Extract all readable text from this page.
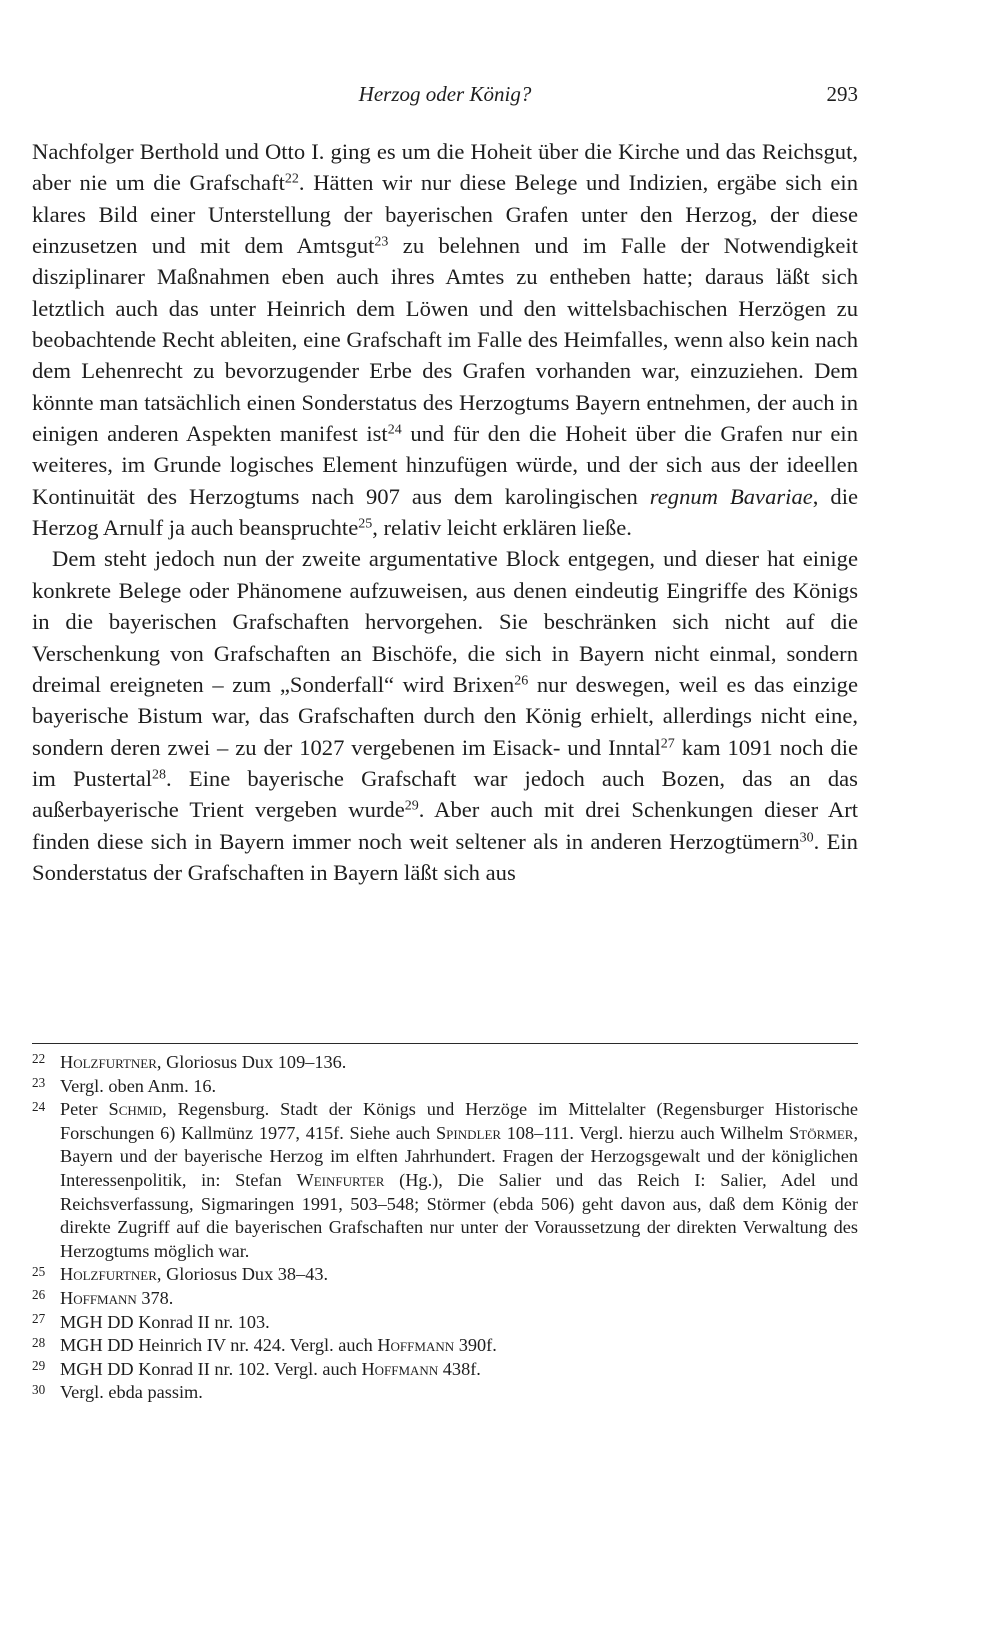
Herzog oder König?	293

Nachfolger Berthold und Otto I. ging es um die Hoheit über die Kirche und das Reichsgut, aber nie um die Grafschaft$^{22}$. Hätten wir nur diese Belege und Indizien, ergäbe sich ein klares Bild einer Unterstellung der bayerischen Grafen unter den Herzog, der diese einzusetzen und mit dem Amtsgut$^{23}$ zu belehnen und im Falle der Notwendigkeit disziplinarer Maßnahmen eben auch ihres Amtes zu entheben hatte; daraus läßt sich letztlich auch das unter Heinrich dem Löwen und den wittelsbachischen Herzögen zu beobachtende Recht ableiten, eine Grafschaft im Falle des Heimfalles, wenn also kein nach dem Lehenrecht zu bevorzugender Erbe des Grafen vorhanden war, einzuziehen. Dem könnte man tatsächlich einen Sonderstatus des Herzogtums Bayern entnehmen, der auch in einigen anderen Aspekten manifest ist$^{24}$ und für den die Hoheit über die Grafen nur ein weiteres, im Grunde logisches Element hinzufügen würde, und der sich aus der ideellen Kontinuität des Herzogtums nach 907 aus dem karolingischen regnum Bavariae, die Herzog Arnulf ja auch beanspruchte$^{25}$, relativ leicht erklären ließe.

Dem steht jedoch nun der zweite argumentative Block entgegen, und dieser hat einige konkrete Belege oder Phänomene aufzuweisen, aus denen eindeutig Eingriffe des Königs in die bayerischen Grafschaften hervorgehen. Sie beschränken sich nicht auf die Verschenkung von Grafschaften an Bischöfe, die sich in Bayern nicht einmal, sondern dreimal ereigneten – zum „Sonderfall“ wird Brixen$^{26}$ nur deswegen, weil es das einzige bayerische Bistum war, das Grafschaften durch den König erhielt, allerdings nicht eine, sondern deren zwei – zu der 1027 vergebenen im Eisack- und Inntal$^{27}$ kam 1091 noch die im Pustertal$^{28}$. Eine bayerische Grafschaft war jedoch auch Bozen, das an das außerbayerische Trient vergeben wurde$^{29}$. Aber auch mit drei Schenkungen dieser Art finden diese sich in Bayern immer noch weit seltener als in anderen Herzogtümern$^{30}$. Ein Sonderstatus der Grafschaften in Bayern läßt sich aus

22 Holzfurtner, Gloriosus Dux 109–136.

23 Vergl. oben Anm. 16.

24 Peter Schmid, Regensburg. Stadt der Königs und Herzöge im Mittelalter (Regensburger Historische Forschungen 6) Kallmünz 1977, 415f. Siehe auch Spindler 108–111. Vergl. hierzu auch Wilhelm Störmer, Bayern und der bayerische Herzog im elften Jahrhundert. Fragen der Herzogsgewalt und der königlichen Interessenpolitik, in: Stefan Weinfurter (Hg.), Die Salier und das Reich I: Salier, Adel und Reichsverfassung, Sigmaringen 1991, 503–548; Störmer (ebda 506) geht davon aus, daß dem König der direkte Zugriff auf die bayerischen Grafschaften nur unter der Voraussetzung der direkten Verwaltung des Herzogtums möglich war.

25 Holzfurtner, Gloriosus Dux 38–43.

26 Hoffmann 378.

27 MGH DD Konrad II nr. 103.

28 MGH DD Heinrich IV nr. 424. Vergl. auch Hoffmann 390f.

29 MGH DD Konrad II nr. 102. Vergl. auch Hoffmann 438f.

30 Vergl. ebda passim.
